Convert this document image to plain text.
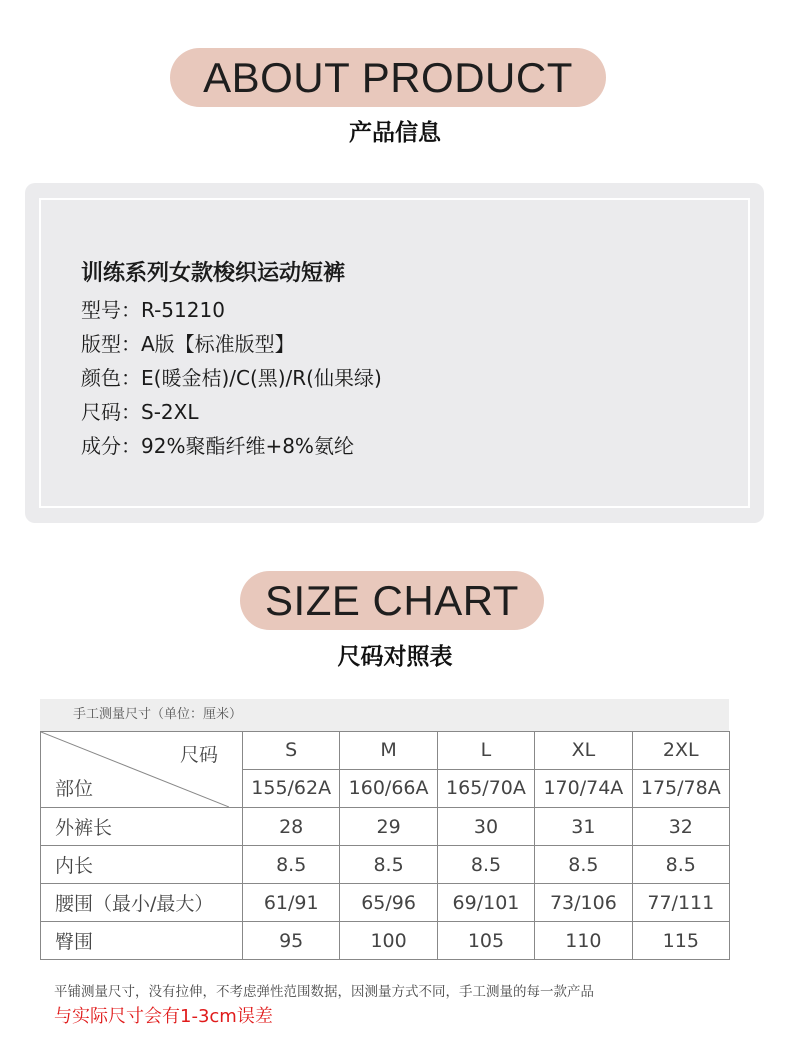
ABOUT PRODUCT
产品信息
训练系列女款梭织运动短裤
型号：R-51210
版型：A版【标准版型】
颜色：E(暖金桔)/C(黑)/R(仙果绿)
尺码：S-2XL
成分：92%聚酯纤维+8%氨纶
SIZE CHART
尺码对照表
手工测量尺寸（单位：厘米）
尺码
部位	S	M	L	XL	2XL
	155/62A	160/66A	165/70A	170/74A	175/78A
外裤长	28	29	30	31	32
内长	8.5	8.5	8.5	8.5	8.5
腰围（最小/最大）	61/91	65/96	69/101	73/106	77/111
臀围	95	100	105	110	115
平铺测量尺寸，没有拉伸，不考虑弹性范围数据，因测量方式不同，手工测量的每一款产品
与实际尺寸会有1-3cm误差
